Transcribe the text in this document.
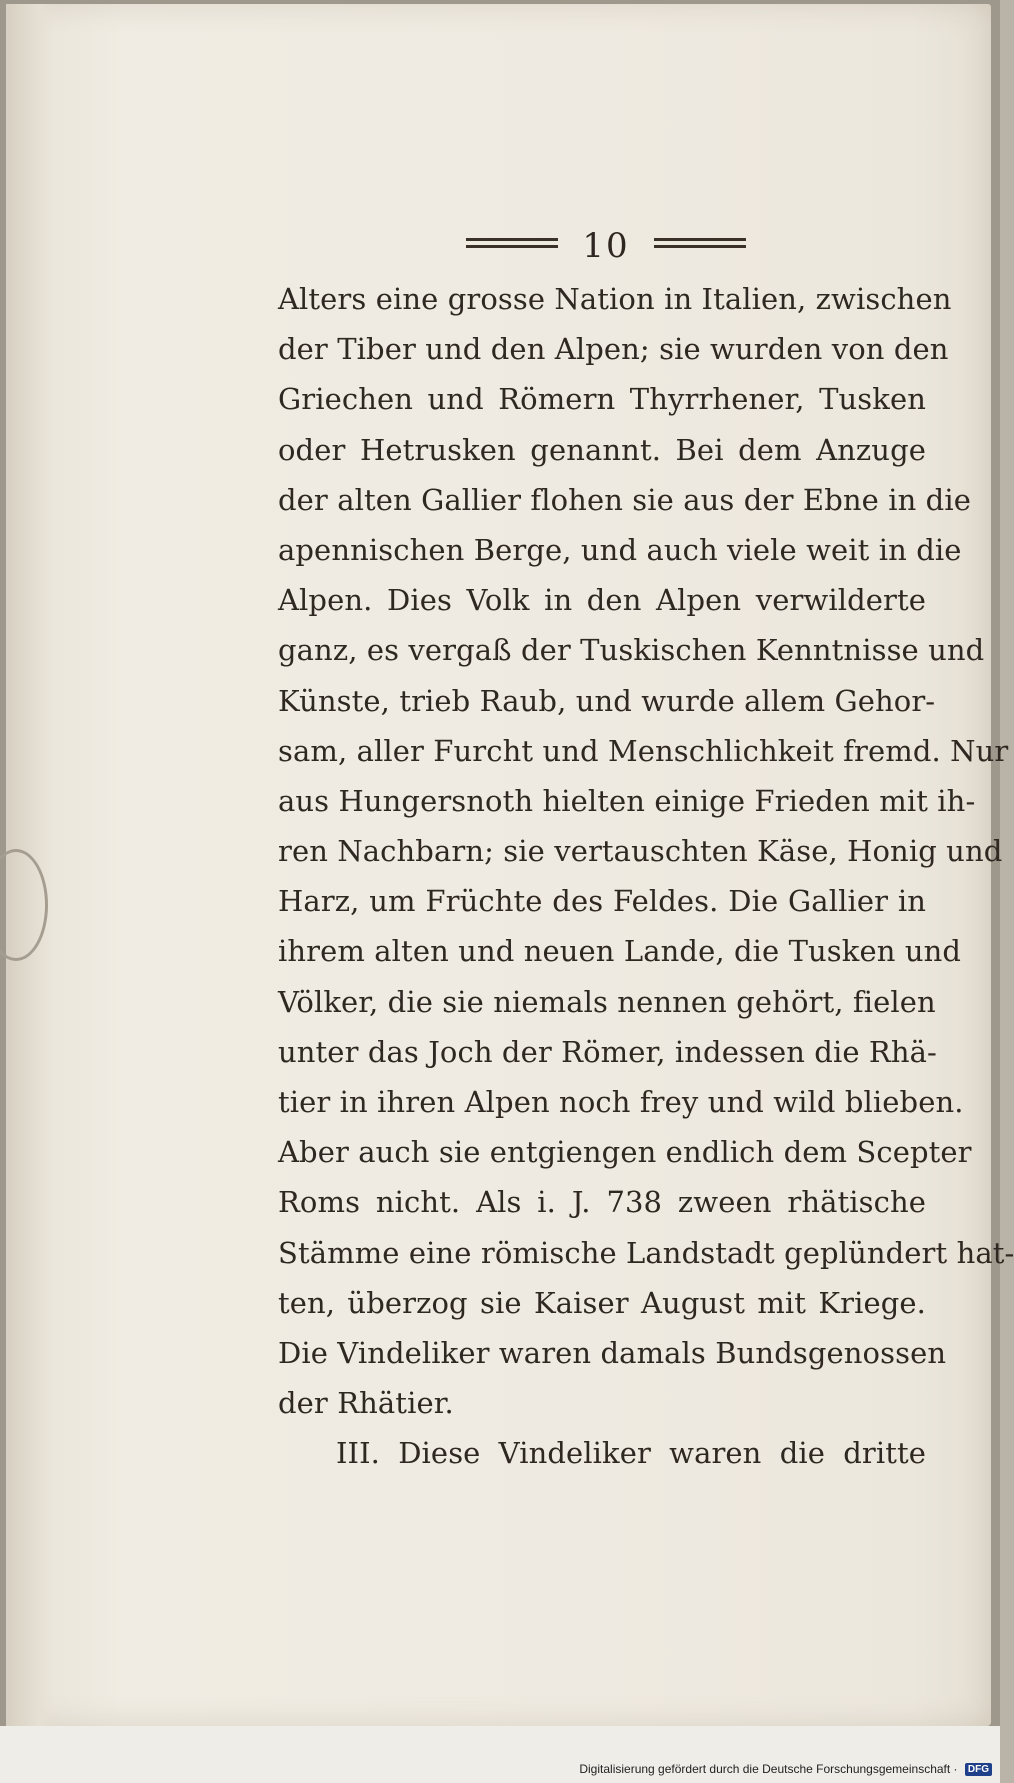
10
Alters eine grosse Nation in Italien, zwischen
der Tiber und den Alpen; sie wurden von den
Griechen und Römern Thyrrhener, Tusken
oder Hetrusken genannt. Bei dem Anzuge
der alten Gallier flohen sie aus der Ebne in die
apennischen Berge, und auch viele weit in die
Alpen. Dies Volk in den Alpen verwilderte
ganz, es vergaß der Tuskischen Kenntnisse und
Künste, trieb Raub, und wurde allem Gehor-
sam, aller Furcht und Menschlichkeit fremd. Nur
aus Hungersnoth hielten einige Frieden mit ih-
ren Nachbarn; sie vertauschten Käse, Honig und
Harz, um Früchte des Feldes. Die Gallier in
ihrem alten und neuen Lande, die Tusken und
Völker, die sie niemals nennen gehört, fielen
unter das Joch der Römer, indessen die Rhä-
tier in ihren Alpen noch frey und wild blieben.
Aber auch sie entgiengen endlich dem Scepter
Roms nicht. Als i. J. 738 zween rhätische
Stämme eine römische Landstadt geplündert hat-
ten, überzog sie Kaiser August mit Kriege.
Die Vindeliker waren damals Bundsgenossen
der Rhätier.
III. Diese Vindeliker waren die dritte
Digitalisierung gefördert durch die Deutsche Forschungsgemeinschaft · DFG
